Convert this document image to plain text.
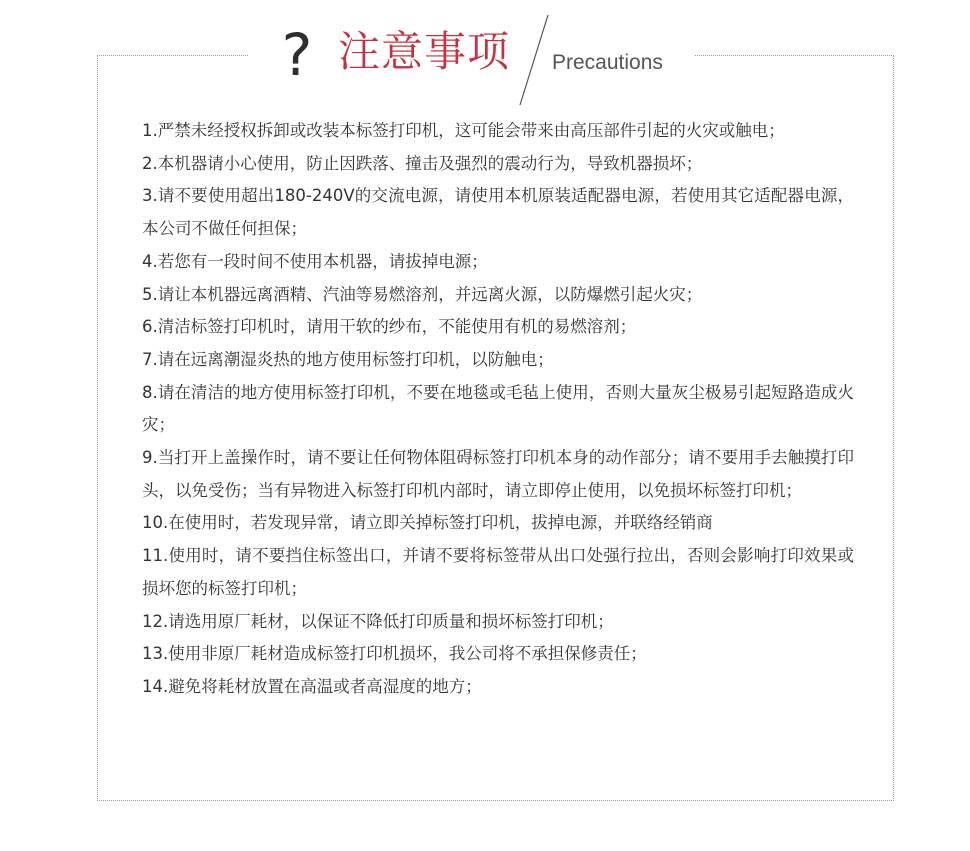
? 注意事项 Precautions
1.严禁未经授权拆卸或改装本标签打印机，这可能会带来由高压部件引起的火灾或触电；
2.本机器请小心使用，防止因跌落、撞击及强烈的震动行为，导致机器损坏；
3.请不要使用超出180-240V的交流电源，请使用本机原装适配器电源，若使用其它适配器电源，本公司不做任何担保；
4.若您有一段时间不使用本机器，请拔掉电源；
5.请让本机器远离酒精、汽油等易燃溶剂，并远离火源，以防爆燃引起火灾；
6.清洁标签打印机时，请用干软的纱布，不能使用有机的易燃溶剂；
7.请在远离潮湿炎热的地方使用标签打印机，以防触电；
8.请在清洁的地方使用标签打印机，不要在地毯或毛毡上使用，否则大量灰尘极易引起短路造成火灾；
9.当打开上盖操作时，请不要让任何物体阻碍标签打印机本身的动作部分；请不要用手去触摸打印头，以免受伤；当有异物进入标签打印机内部时，请立即停止使用，以免损坏标签打印机；
10.在使用时，若发现异常，请立即关掉标签打印机，拔掉电源，并联络经销商
11.使用时，请不要挡住标签出口，并请不要将标签带从出口处强行拉出，否则会影响打印效果或损坏您的标签打印机；
12.请选用原厂耗材，以保证不降低打印质量和损坏标签打印机；
13.使用非原厂耗材造成标签打印机损坏，我公司将不承担保修责任；
14.避免将耗材放置在高温或者高湿度的地方；
